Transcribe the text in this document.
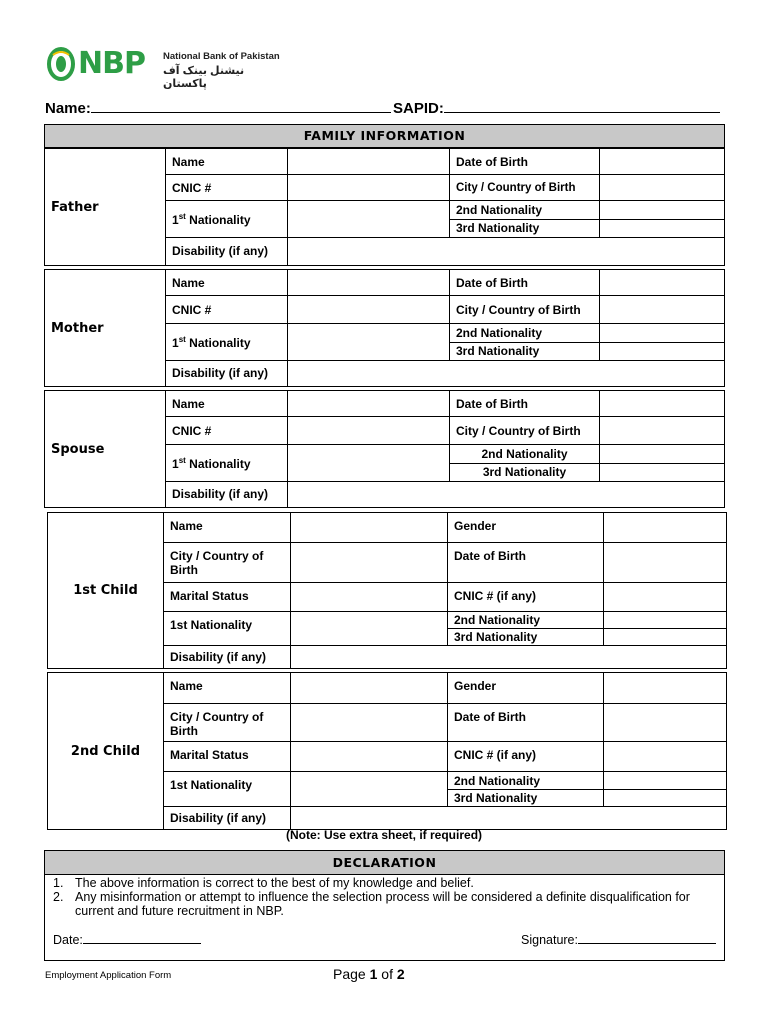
NBP National Bank of Pakistan
نیشنل بینک آف پاکستان
Name:	SAPID:
FAMILY INFORMATION
Father	Name		Date of Birth	
	CNIC #		City / Country of Birth	
	1st Nationality		2nd Nationality	
			3rd Nationality	
	Disability (if any)			
Mother	Name		Date of Birth	
	CNIC #		City / Country of Birth	
	1st Nationality		2nd Nationality	
			3rd Nationality	
	Disability (if any)			
Spouse	Name		Date of Birth	
	CNIC #		City / Country of Birth	
	1st Nationality		2nd Nationality	
			3rd Nationality	
	Disability (if any)			
1st Child	Name		Gender	
	City / Country of Birth		Date of Birth	
	Marital Status		CNIC # (if any)	
	1st Nationality		2nd Nationality	
			3rd Nationality	
	Disability (if any)			
2nd Child	Name		Gender	
	City / Country of Birth		Date of Birth	
	Marital Status		CNIC # (if any)	
	1st Nationality		2nd Nationality	
			3rd Nationality	
	Disability (if any)			
(Note: Use extra sheet, if required)
DECLARATION
1. The above information is correct to the best of my knowledge and belief.
2. Any misinformation or attempt to influence the selection process will be considered a definite disqualification for current and future recruitment in NBP.
Date:	Signature:
Employment Application Form	Page 1 of 2
